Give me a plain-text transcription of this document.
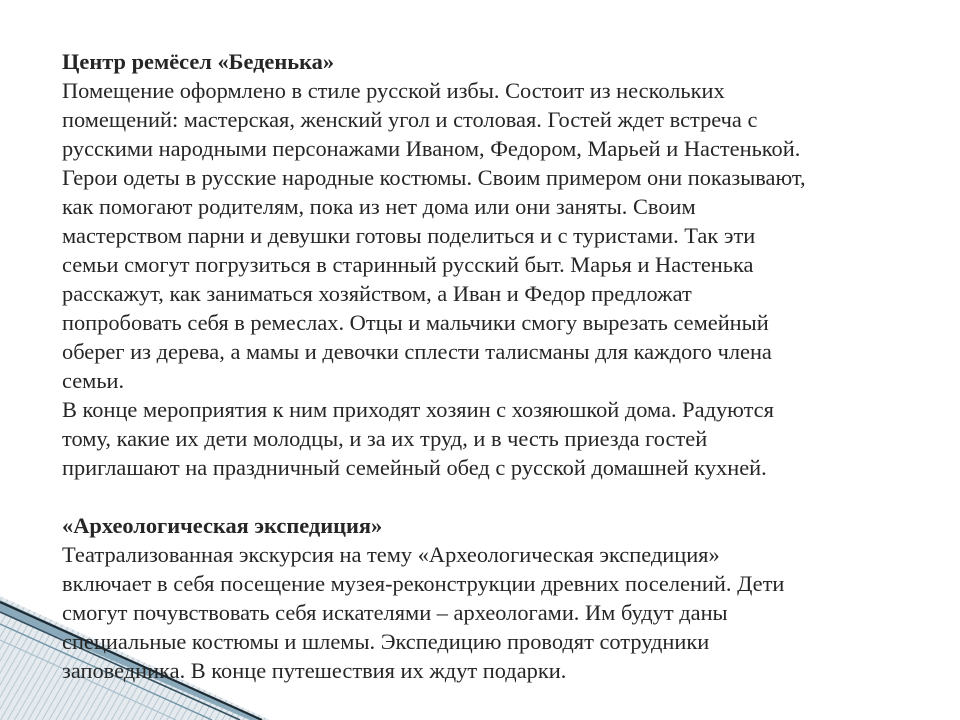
Центр ремёсел «Беденька»
Помещение оформлено в стиле русской избы. Состоит из нескольких
помещений: мастерская, женский угол и столовая. Гостей ждет встреча с
русскими народными персонажами Иваном, Федором, Марьей и Настенькой.
Герои одеты в русские народные костюмы. Своим примером они показывают,
как помогают родителям, пока из нет дома или они заняты. Своим
мастерством парни и девушки готовы поделиться и с туристами. Так эти
семьи смогут погрузиться в старинный русский быт. Марья и Настенька
расскажут, как заниматься хозяйством, а Иван и Федор предложат
попробовать себя в ремеслах. Отцы и мальчики смогу вырезать семейный
оберег из дерева, а мамы и девочки сплести талисманы для каждого члена
семьи.
В конце мероприятия к ним приходят хозяин с хозяюшкой дома. Радуются
тому, какие их дети молодцы, и за их труд, и в честь приезда гостей
приглашают на праздничный семейный обед с русской домашней кухней.
«Археологическая экспедиция»
Театрализованная экскурсия на тему «Археологическая экспедиция»
включает в себя посещение музея-реконструкции древних поселений. Дети
смогут почувствовать себя искателями – археологами. Им будут даны
специальные костюмы и шлемы. Экспедицию проводят сотрудники
заповедника. В конце путешествия их ждут подарки.
